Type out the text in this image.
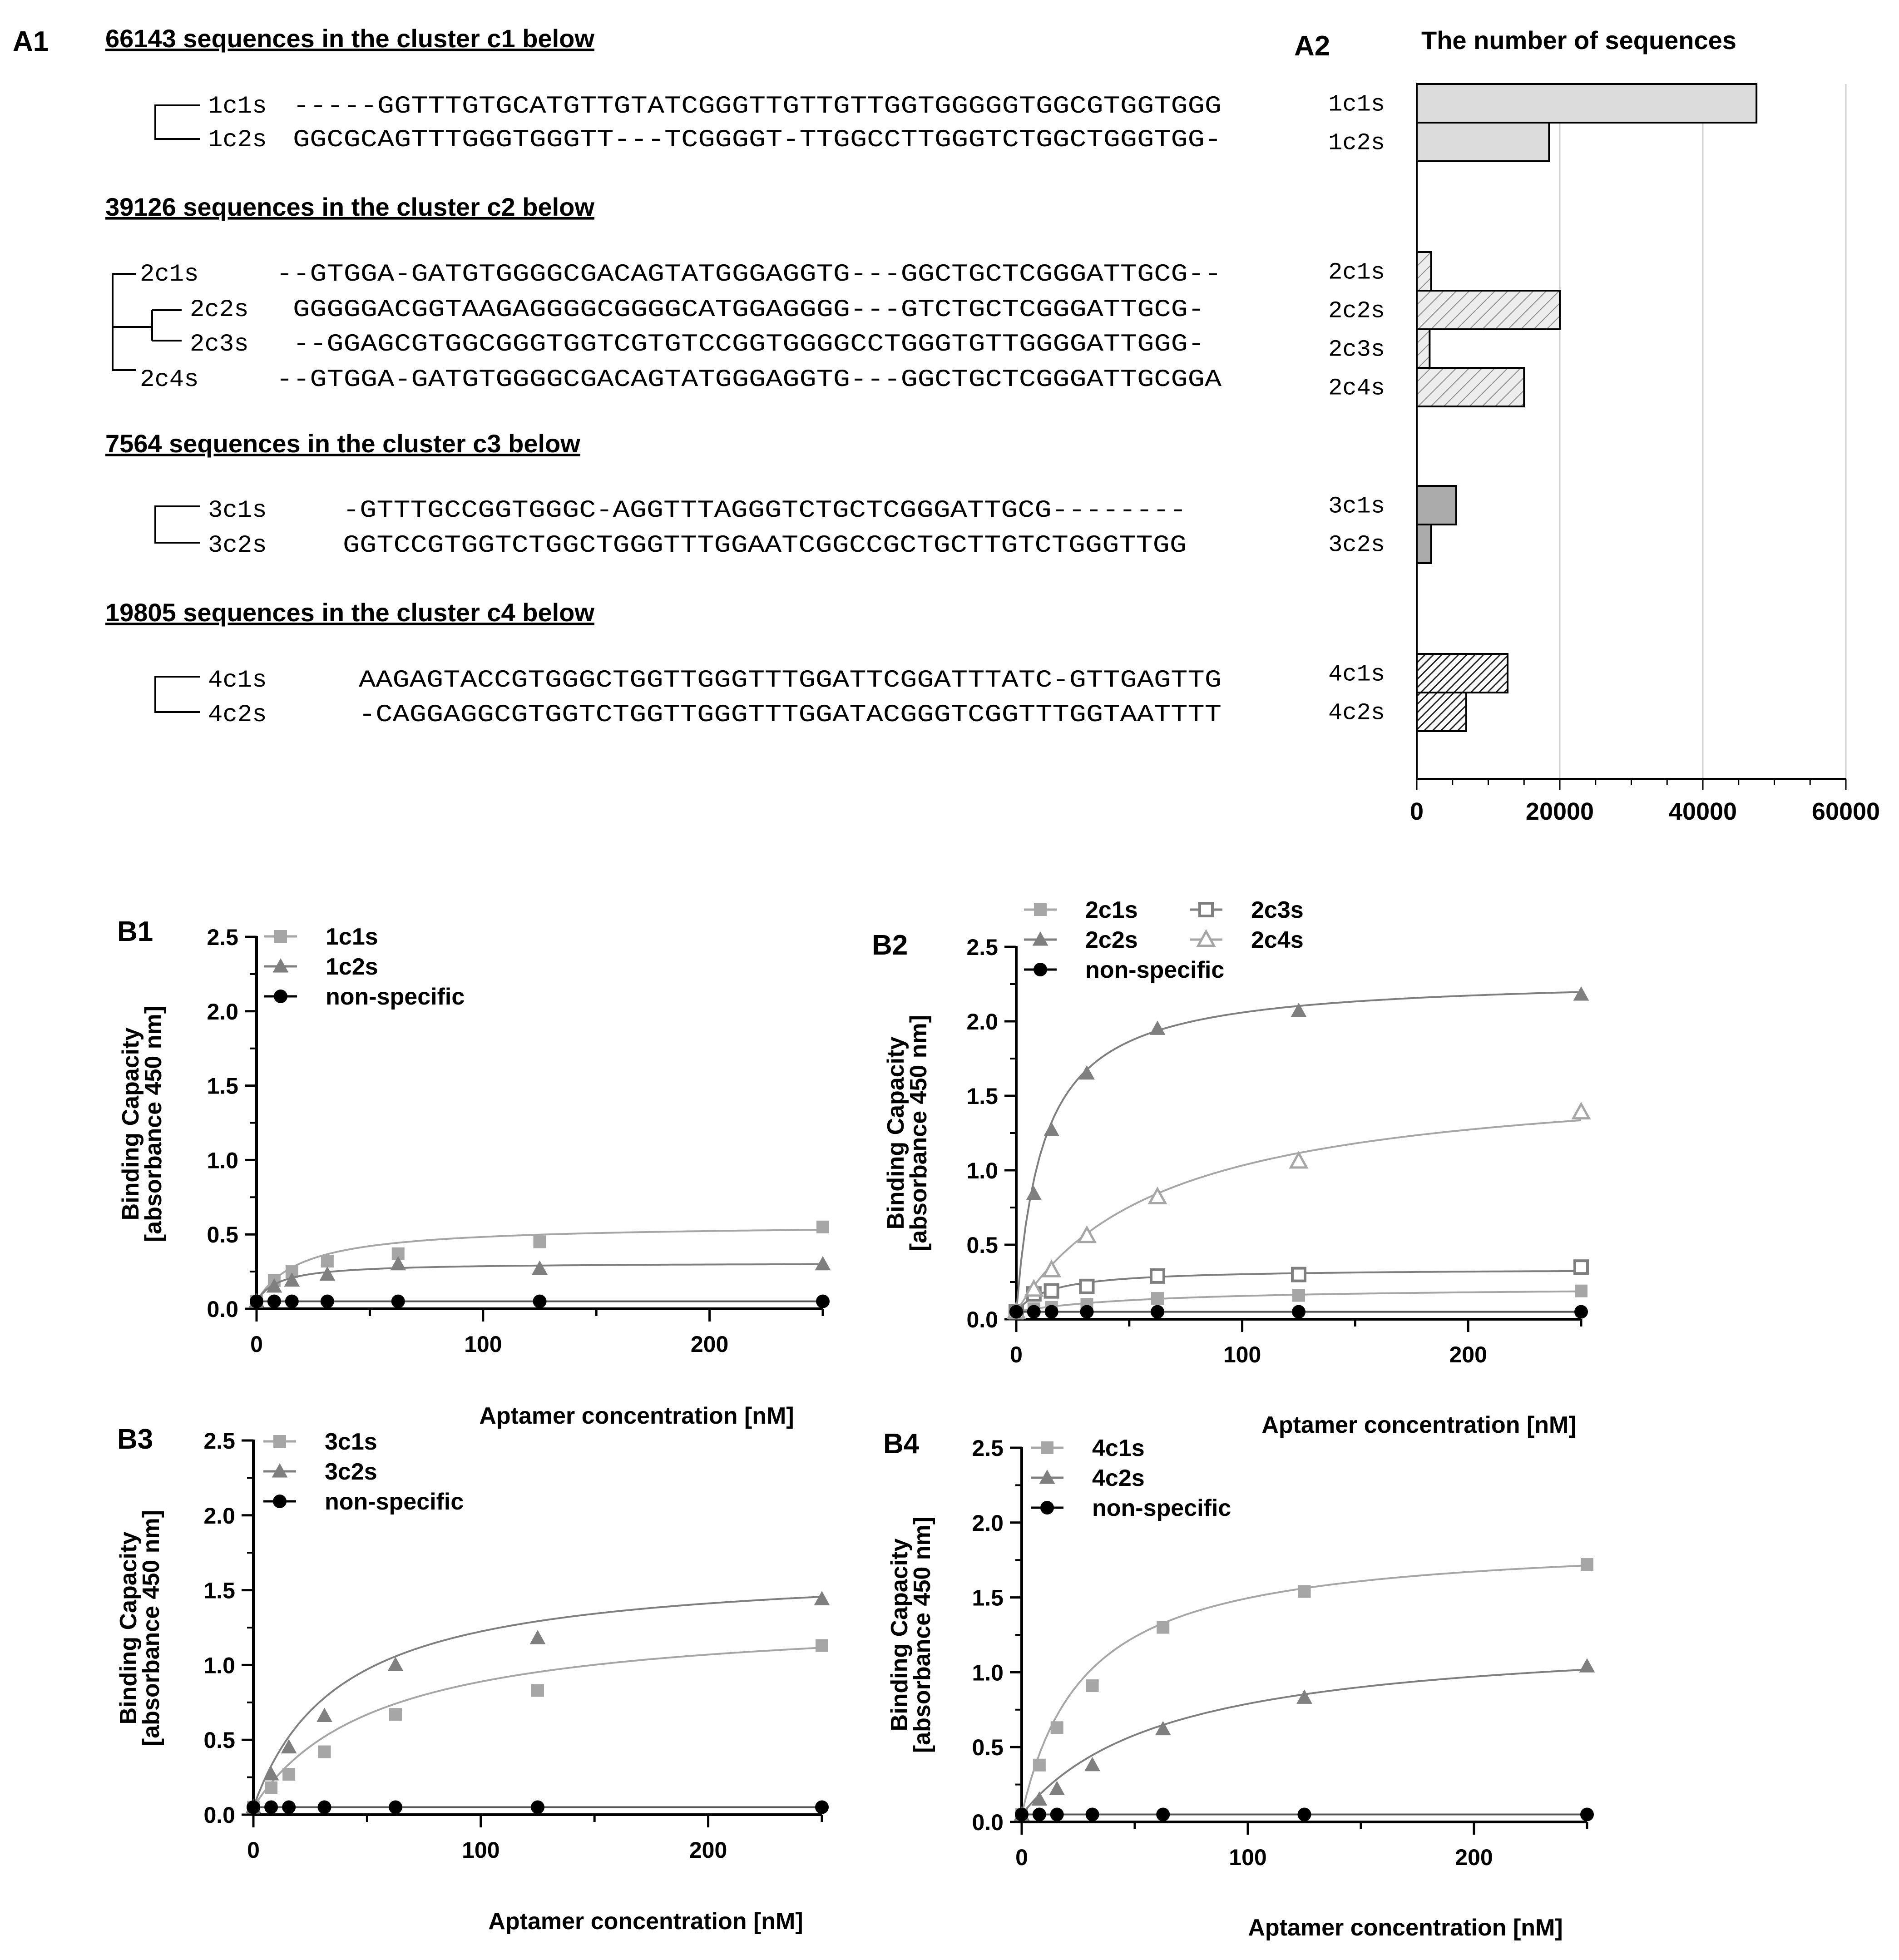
A1	A2
B1	B2
B3	B4
66143 sequences in the cluster c1 below
1c1s -----GGTTTGTGCATGTTGTATCGGGTTGTTGTTGGTGGGGGTGGCGTGGTGGG
1c2s GGCGCAGTTTGGGTGGGTT---TCGGGGT-TTGGCCTTGGGTCTGGCTGGGTGG-
39126 sequences in the cluster c2 below
2c1s	--GTGGA-GATGTGGGGCGACAGTATGGGAGGTG---GGCTGCTCGGGATTGCG--
2c2s GGGGGACGGTAAGAGGGGCGGGGCATGGAGGGG---GTCTGCTCGGGATTGCG-
2c3s --GGAGCGTGGCGGGTGGTCGTGTCCGGTGGGGCCTGGGTGTTGGGGATTGGG-
2c4s	--GTGGA-GATGTGGGGCGACAGTATGGGAGGTG---GGCTGCTCGGGATTGCGGA
7564 sequences in the cluster c3 below
3c1s	-GTTTGCCGGTGGGC-AGGTTTAGGGTCTGCTCGGGATTGCG--------
3c2s	GGTCCGTGGTCTGGCTGGGTTTGGAATCGGCCGCTGCTTGTCTGGGTTGG
19805 sequences in the cluster c4 below
4c1s	AAGAGTACCGTGGGCTGGTTGGGTTTGGATTCGGATTTATC-GTTGAGTTG
4c2s	-CAGGAGGCGTGGTCTGGTTGGGTTTGGATACGGGTCGGTTTGGTAATTTT
The number of sequences
1c1s
1c2s
2c1s
2c2s
2c3s
2c4s
3c1s
3c2s
4c1s
4c2s
0	20000	40000	60000
0.0
0.5
1.0
1.5
2.0
2.5
0	100	200
Aptamer concentration [nM]
Binding Capacity
[absorbance 450 nm]
1c1s
1c2s
non-specific
0.0
0.5
1.0
1.5
2.0
2.5
0	100	200
Aptamer concentration [nM]
Binding Capacity
[absorbance 450 nm]
2c1s
2c2s
2c3s
2c4s
non-specific
0.0
0.5
1.0
1.5
2.0
2.5
0	100	200
Aptamer concentration [nM]
Binding Capacity
[absorbance 450 nm]
3c1s
3c2s
non-specific
0.0
0.5
1.0
1.5
2.0
2.5
0	100	200
Aptamer concentration [nM]
Binding Capacity
[absorbance 450 nm]
4c1s
4c2s
non-specific
